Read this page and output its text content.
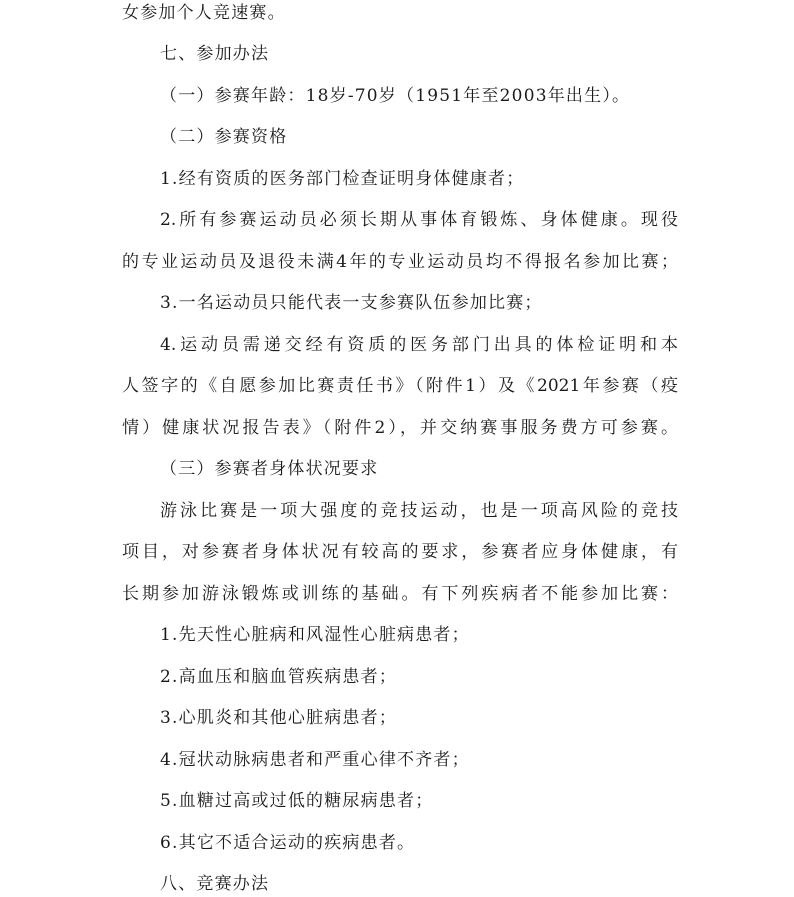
女参加个人竞速赛。
七、参加办法
（一）参赛年龄：18岁-70岁（1951年至2003年出生）。
（二）参赛资格
1.经有资质的医务部门检查证明身体健康者；
2.所有参赛运动员必须长期从事体育锻炼、身体健康。现役
的专业运动员及退役未满4年的专业运动员均不得报名参加比赛；
3.一名运动员只能代表一支参赛队伍参加比赛；
4.运动员需递交经有资质的医务部门出具的体检证明和本
人签字的《自愿参加比赛责任书》（附件1）及《2021年参赛（疫
情）健康状况报告表》（附件2），并交纳赛事服务费方可参赛。
（三）参赛者身体状况要求
游泳比赛是一项大强度的竞技运动，也是一项高风险的竞技
项目，对参赛者身体状况有较高的要求，参赛者应身体健康，有
长期参加游泳锻炼或训练的基础。有下列疾病者不能参加比赛：
1.先天性心脏病和风湿性心脏病患者；
2.高血压和脑血管疾病患者；
3.心肌炎和其他心脏病患者；
4.冠状动脉病患者和严重心律不齐者；
5.血糖过高或过低的糖尿病患者；
6.其它不适合运动的疾病患者。
八、竞赛办法
